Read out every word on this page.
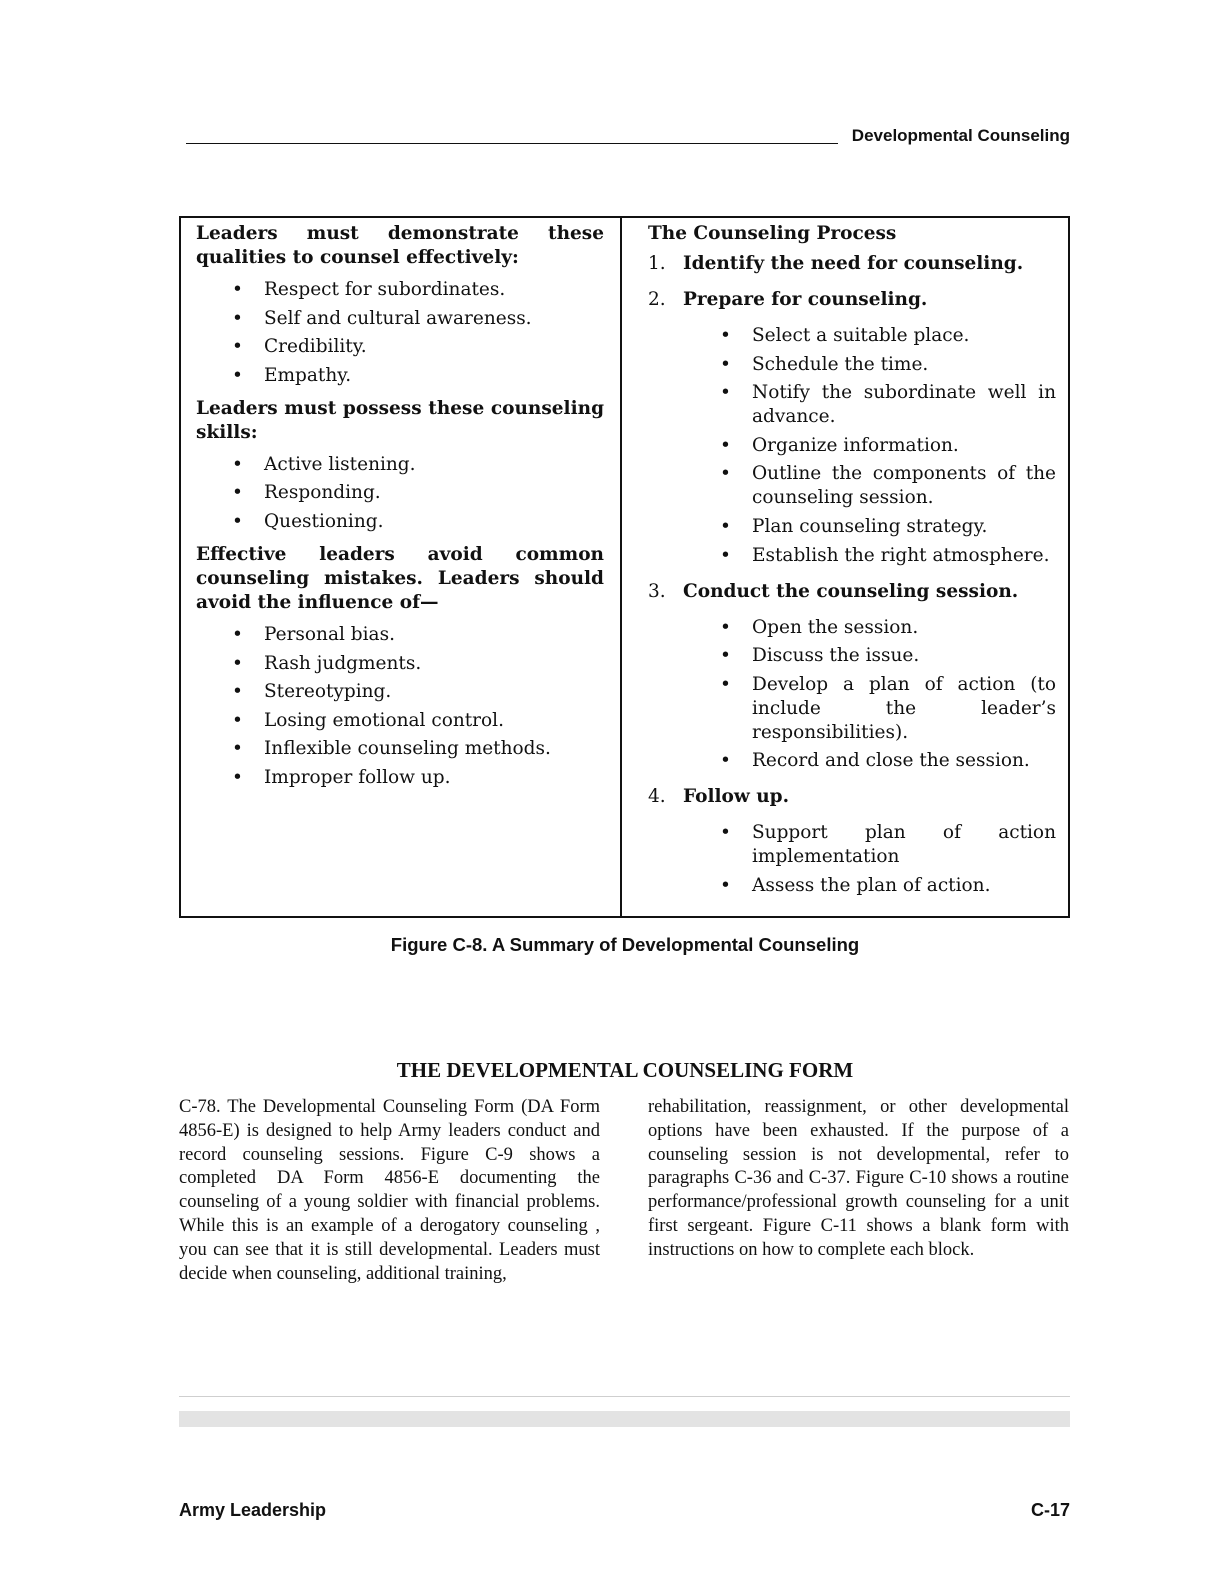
Developmental Counseling
Leaders must demonstrate these qualities to counsel effectively:
• Respect for subordinates.
• Self and cultural awareness.
• Credibility.
• Empathy.
Leaders must possess these counseling skills:
• Active listening.
• Responding.
• Questioning.
Effective leaders avoid common counseling mistakes. Leaders should avoid the influence of—
• Personal bias.
• Rash judgments.
• Stereotyping.
• Losing emotional control.
• Inflexible counseling methods.
• Improper follow up.
The Counseling Process
1. Identify the need for counseling.
2. Prepare for counseling.
• Select a suitable place.
• Schedule the time.
• Notify the subordinate well in advance.
• Organize information.
• Outline the components of the counseling session.
• Plan counseling strategy.
• Establish the right atmosphere.
3. Conduct the counseling session.
• Open the session.
• Discuss the issue.
• Develop a plan of action (to include the leader’s responsibilities).
• Record and close the session.
4. Follow up.
• Support plan of action implementation
• Assess the plan of action.
Figure C-8. A Summary of Developmental Counseling
THE DEVELOPMENTAL COUNSELING FORM
C-78. The Developmental Counseling Form (DA Form 4856-E) is designed to help Army leaders conduct and record counseling sessions. Figure C-9 shows a completed DA Form 4856-E documenting the counseling of a young soldier with financial problems. While this is an example of a derogatory counseling , you can see that it is still developmental. Leaders must decide when counseling, additional training,
rehabilitation, reassignment, or other developmental options have been exhausted. If the purpose of a counseling session is not developmental, refer to paragraphs C-36 and C-37. Figure C-10 shows a routine performance/professional growth counseling for a unit first sergeant. Figure C-11 shows a blank form with instructions on how to complete each block.
Army Leadership	C-17
